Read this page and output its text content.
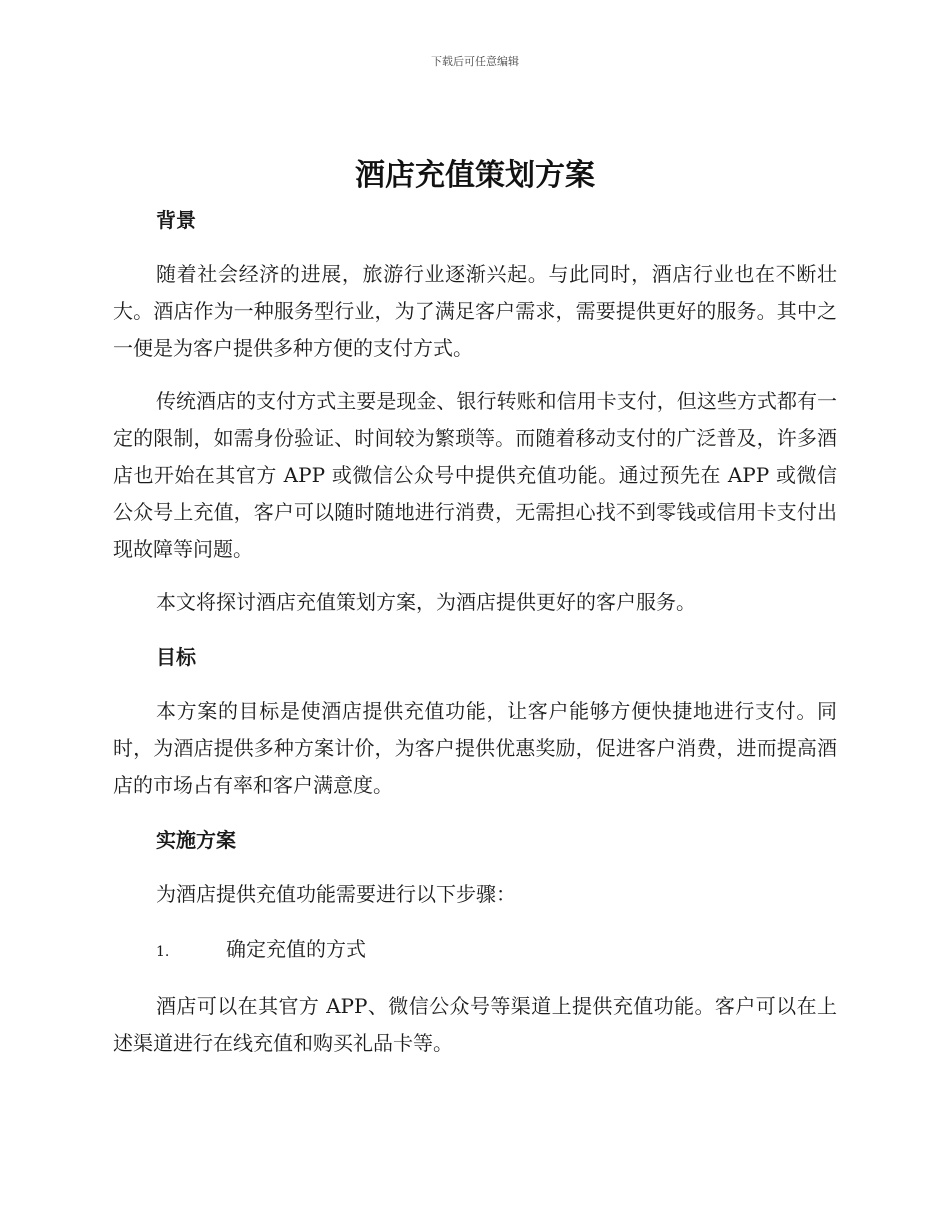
下载后可任意编辑
酒店充值策划方案
背景

随着社会经济的进展，旅游行业逐渐兴起。与此同时，酒店行业也在不断壮大。酒店作为一种服务型行业，为了满足客户需求，需要提供更好的服务。其中之一便是为客户提供多种方便的支付方式。

传统酒店的支付方式主要是现金、银行转账和信用卡支付，但这些方式都有一定的限制，如需身份验证、时间较为繁琐等。而随着移动支付的广泛普及，许多酒店也开始在其官方 APP 或微信公众号中提供充值功能。通过预先在 APP 或微信公众号上充值，客户可以随时随地进行消费，无需担心找不到零钱或信用卡支付出现故障等问题。

本文将探讨酒店充值策划方案，为酒店提供更好的客户服务。

目标

本方案的目标是使酒店提供充值功能，让客户能够方便快捷地进行支付。同时，为酒店提供多种方案计价，为客户提供优惠奖励，促进客户消费，进而提高酒店的市场占有率和客户满意度。

实施方案

为酒店提供充值功能需要进行以下步骤：

1.	确定充值的方式

酒店可以在其官方 APP、微信公众号等渠道上提供充值功能。客户可以在上述渠道进行在线充值和购买礼品卡等。
